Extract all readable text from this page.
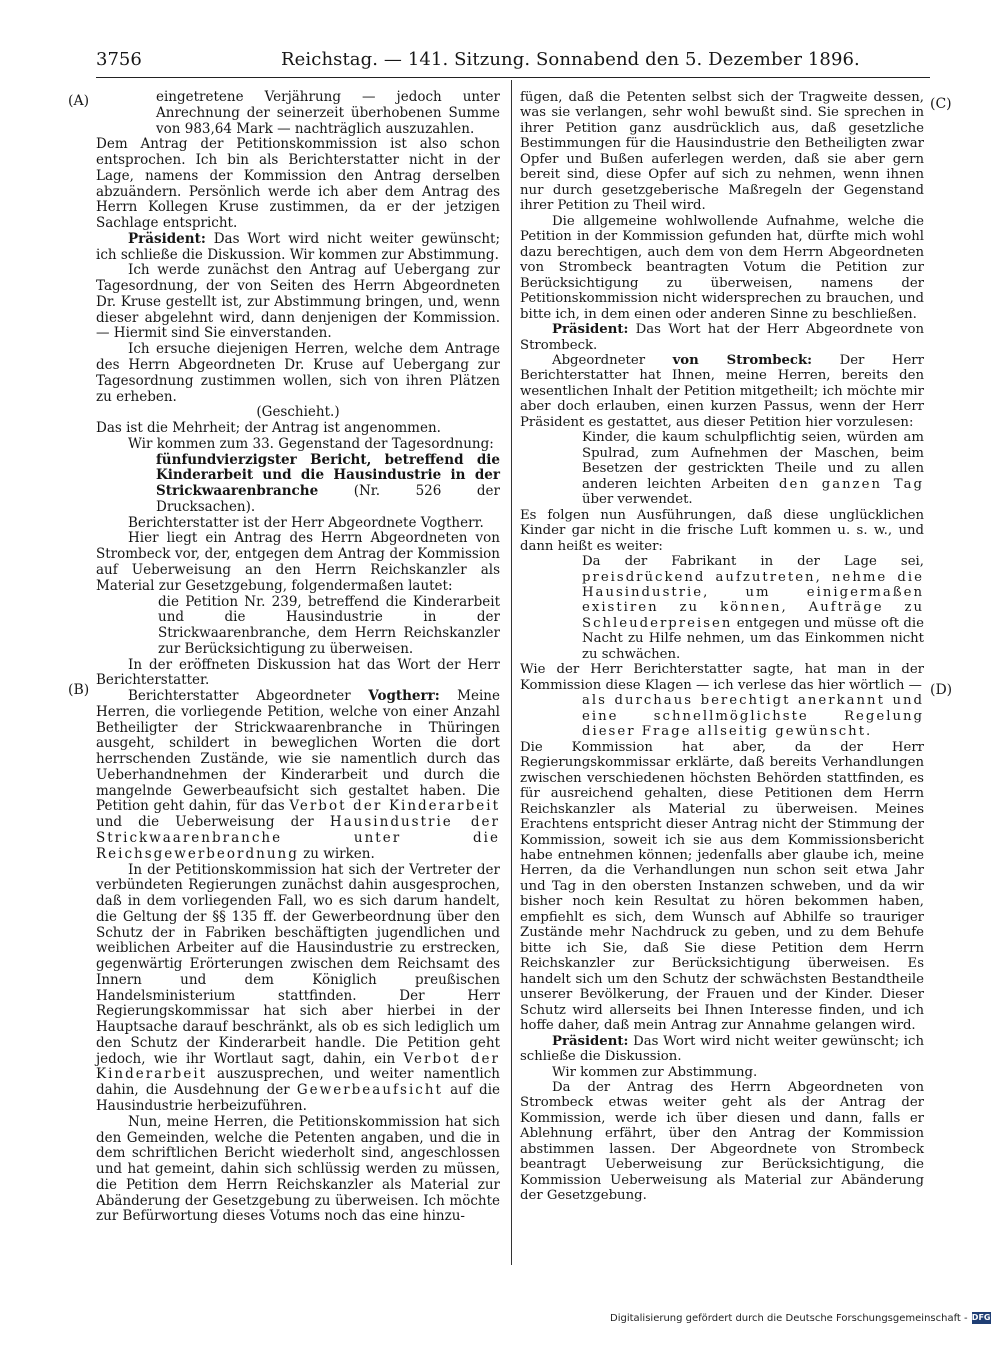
3756	Reichstag. — 141. Sitzung. Sonnabend den 5. Dezember 1896.
(A)
(B)
(C)
(D)

eingetretene Verjährung — jedoch unter Anrechnung der seinerzeit überhobenen Summe von 983,64 Mark — nachträglich auszuzahlen.

Dem Antrag der Petitionskommission ist also schon entsprochen. Ich bin als Berichterstatter nicht in der Lage, namens der Kommission den Antrag derselben abzuändern. Persönlich werde ich aber dem Antrag des Herrn Kollegen Kruse zustimmen, da er der jetzigen Sachlage entspricht.

Präsident: Das Wort wird nicht weiter gewünscht; ich schließe die Diskussion. Wir kommen zur Abstimmung.

Ich werde zunächst den Antrag auf Uebergang zur Tagesordnung, der von Seiten des Herrn Abgeordneten Dr. Kruse gestellt ist, zur Abstimmung bringen, und, wenn dieser abgelehnt wird, dann denjenigen der Kommission. — Hiermit sind Sie einverstanden.

Ich ersuche diejenigen Herren, welche dem Antrage des Herrn Abgeordneten Dr. Kruse auf Uebergang zur Tagesordnung zustimmen wollen, sich von ihren Plätzen zu erheben.

(Geschieht.)

Das ist die Mehrheit; der Antrag ist angenommen.

Wir kommen zum 33. Gegenstand der Tagesordnung:

fünfundvierzigster Bericht, betreffend die Kinderarbeit und die Hausindustrie in der Strickwaarenbranche (Nr. 526 der Drucksachen).

Berichterstatter ist der Herr Abgeordnete Vogtherr.

Hier liegt ein Antrag des Herrn Abgeordneten von Strombeck vor, der, entgegen dem Antrag der Kommission auf Ueberweisung an den Herrn Reichskanzler als Material zur Gesetzgebung, folgendermaßen lautet:

die Petition Nr. 239, betreffend die Kinderarbeit und die Hausindustrie in der Strickwaarenbranche, dem Herrn Reichskanzler zur Berücksichtigung zu überweisen.

In der eröffneten Diskussion hat das Wort der Herr Berichterstatter.

Berichterstatter Abgeordneter Vogtherr: Meine Herren, die vorliegende Petition, welche von einer Anzahl Betheiligter der Strickwaarenbranche in Thüringen ausgeht, schildert in beweglichen Worten die dort herrschenden Zustände, wie sie namentlich durch das Ueberhandnehmen der Kinderarbeit und durch die mangelnde Gewerbeaufsicht sich gestaltet haben. Die Petition geht dahin, für das Verbot der Kinderarbeit und die Ueberweisung der Hausindustrie der Strickwaarenbranche unter die Reichsgewerbeordnung zu wirken.

In der Petitionskommission hat sich der Vertreter der verbündeten Regierungen zunächst dahin ausgesprochen, daß in dem vorliegenden Fall, wo es sich darum handelt, die Geltung der §§ 135 ff. der Gewerbeordnung über den Schutz der in Fabriken beschäftigten jugendlichen und weiblichen Arbeiter auf die Hausindustrie zu erstrecken, gegenwärtig Erörterungen zwischen dem Reichsamt des Innern und dem Königlich preußischen Handelsministerium stattfinden. Der Herr Regierungskommissar hat sich aber hierbei in der Hauptsache darauf beschränkt, als ob es sich lediglich um den Schutz der Kinderarbeit handle. Die Petition geht jedoch, wie ihr Wortlaut sagt, dahin, ein Verbot der Kinderarbeit auszusprechen, und weiter namentlich dahin, die Ausdehnung der Gewerbeaufsicht auf die Hausindustrie herbeizuführen.

Nun, meine Herren, die Petitionskommission hat sich den Gemeinden, welche die Petenten angaben, und die in dem schriftlichen Bericht wiederholt sind, angeschlossen und hat gemeint, dahin sich schlüssig werden zu müssen, die Petition dem Herrn Reichskanzler als Material zur Abänderung der Gesetzgebung zu überweisen. Ich möchte zur Befürwortung dieses Votums noch das eine hinzu-

fügen, daß die Petenten selbst sich der Tragweite dessen, was sie verlangen, sehr wohl bewußt sind. Sie sprechen in ihrer Petition ganz ausdrücklich aus, daß gesetzliche Bestimmungen für die Hausindustrie den Betheiligten zwar Opfer und Bußen auferlegen werden, daß sie aber gern bereit sind, diese Opfer auf sich zu nehmen, wenn ihnen nur durch gesetzgeberische Maßregeln der Gegenstand ihrer Petition zu Theil wird.

Die allgemeine wohlwollende Aufnahme, welche die Petition in der Kommission gefunden hat, dürfte mich wohl dazu berechtigen, auch dem von dem Herrn Abgeordneten von Strombeck beantragten Votum die Petition zur Berücksichtigung zu überweisen, namens der Petitionskommission nicht widersprechen zu brauchen, und bitte ich, in dem einen oder anderen Sinne zu beschließen.

Präsident: Das Wort hat der Herr Abgeordnete von Strombeck.

Abgeordneter von Strombeck: Der Herr Berichterstatter hat Ihnen, meine Herren, bereits den wesentlichen Inhalt der Petition mitgetheilt; ich möchte mir aber doch erlauben, einen kurzen Passus, wenn der Herr Präsident es gestattet, aus dieser Petition hier vorzulesen:

Kinder, die kaum schulpflichtig seien, würden am Spulrad, zum Aufnehmen der Maschen, beim Besetzen der gestrickten Theile und zu allen anderen leichten Arbeiten den ganzen Tag über verwendet.

Es folgen nun Ausführungen, daß diese unglücklichen Kinder gar nicht in die frische Luft kommen u. s. w., und dann heißt es weiter:

Da der Fabrikant in der Lage sei, preisdrückend aufzutreten, nehme die Hausindustrie, um einigermaßen existiren zu können, Aufträge zu Schleuderpreisen entgegen und müsse oft die Nacht zu Hilfe nehmen, um das Einkommen nicht zu schwächen.

Wie der Herr Berichterstatter sagte, hat man in der Kommission diese Klagen — ich verlese das hier wörtlich —

als durchaus berechtigt anerkannt und eine schnellmöglichste Regelung dieser Frage allseitig gewünscht.

Die Kommission hat aber, da der Herr Regierungskommissar erklärte, daß bereits Verhandlungen zwischen verschiedenen höchsten Behörden stattfinden, es für ausreichend gehalten, diese Petitionen dem Herrn Reichskanzler als Material zu überweisen. Meines Erachtens entspricht dieser Antrag nicht der Stimmung der Kommission, soweit ich sie aus dem Kommissionsbericht habe entnehmen können; jedenfalls aber glaube ich, meine Herren, da die Verhandlungen nun schon seit etwa Jahr und Tag in den obersten Instanzen schweben, und da wir bisher noch kein Resultat zu hören bekommen haben, empfiehlt es sich, dem Wunsch auf Abhilfe so trauriger Zustände mehr Nachdruck zu geben, und zu dem Behufe bitte ich Sie, daß Sie diese Petition dem Herrn Reichskanzler zur Berücksichtigung überweisen. Es handelt sich um den Schutz der schwächsten Bestandtheile unserer Bevölkerung, der Frauen und der Kinder. Dieser Schutz wird allerseits bei Ihnen Interesse finden, und ich hoffe daher, daß mein Antrag zur Annahme gelangen wird.

Präsident: Das Wort wird nicht weiter gewünscht; ich schließe die Diskussion.

Wir kommen zur Abstimmung.

Da der Antrag des Herrn Abgeordneten von Strombeck etwas weiter geht als der Antrag der Kommission, werde ich über diesen und dann, falls er Ablehnung erfährt, über den Antrag der Kommission abstimmen lassen. Der Abgeordnete von Strombeck beantragt Ueberweisung zur Berücksichtigung, die Kommission Ueberweisung als Material zur Abänderung der Gesetzgebung.

Digitalisierung gefördert durch die Deutsche Forschungsgemeinschaft - DFG
